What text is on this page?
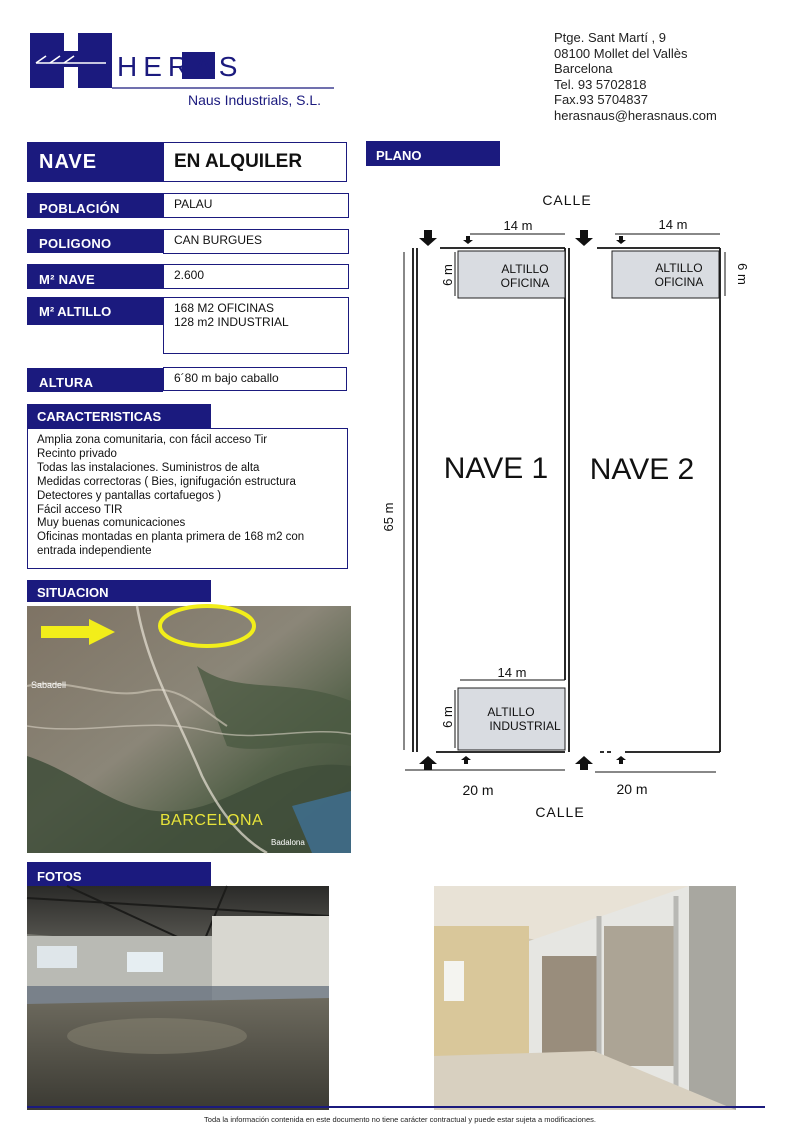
HERAS
Naus Industrials, S.L.
Ptge. Sant Martí , 9
08100 Mollet del Vallès
Barcelona
Tel. 93 5702818
Fax.93 5704837
herasnaus@herasnaus.com
NAVE	EN ALQUILER
POBLACIÓN	PALAU
POLIGONO	CAN BURGUES
M² NAVE	2.600
M² ALTILLO	168 M2 OFICINAS
128 m2 INDUSTRIAL
ALTURA	6´80 m bajo caballo
CARACTERISTICAS
Amplia zona comunitaria, con fácil acceso Tir
Recinto privado
Todas las instalaciones. Suministros de alta
Medidas correctoras ( Bies, ignifugación estructura
Detectores y pantallas cortafuegos )
Fácil acceso TIR
Muy buenas comunicaciones
Oficinas montadas en planta primera de 168 m2 con
entrada independiente
SITUACION
Sabadell
BARCELONA
Badalona
FOTOS
PLANO
CALLE
CALLE
NAVE 1 NAVE 2
ALTILLO
OFICINA
ALTILLO
OFICINA
ALTILLO
INDUSTRIAL
14 m	14 m
14 m
6 m	6 m
6 m
65 m
20 m	20 m
Toda la información contenida en este documento no tiene carácter contractual y puede estar sujeta a modificaciones.
